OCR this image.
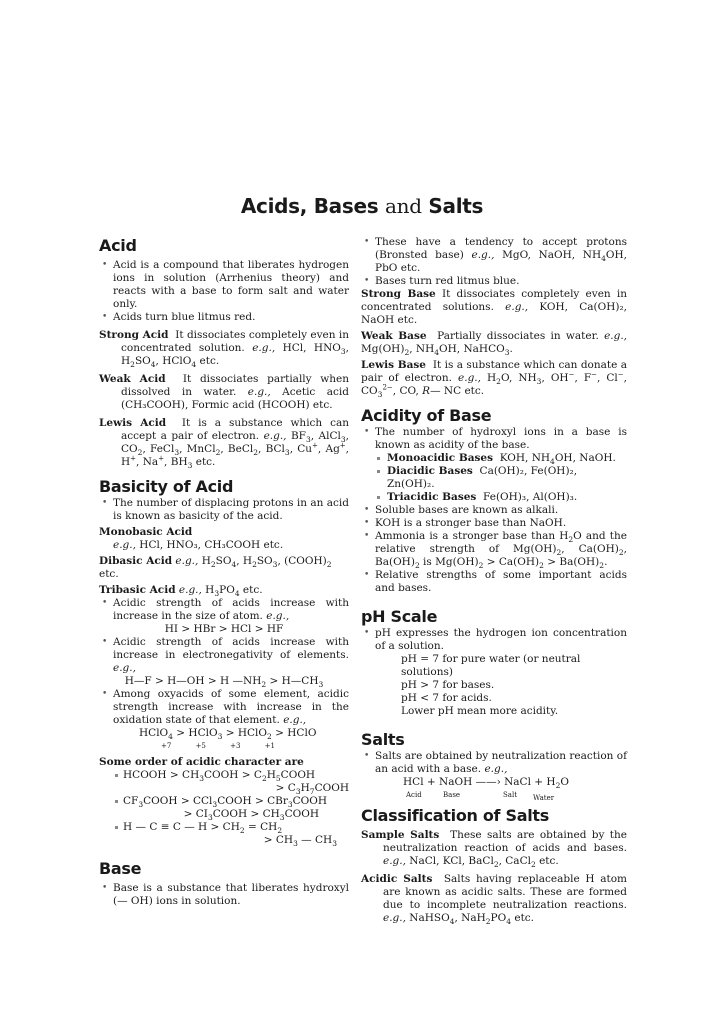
Acids, Bases and Salts
Acid
• Acid is a compound that liberates hydrogen ions in solution (Arrhenius theory) and reacts with a base to form salt and water only.
• Acids turn blue litmus red.
Strong Acid It dissociates completely even in concentrated solution. e.g., HCl, $HNO_3$, $H_2SO_4$, HClO$_4$ etc.
Weak Acid It dissociates partially when dissolved in water. e.g., Acetic acid (CH₃COOH), Formic acid (HCOOH) etc.
Lewis Acid It is a substance which can accept a pair of electron. e.g., $BF_3$, AlCl$_3$, $CO_2$, FeCl$_3$, MnCl$_2$, BeCl$_2$, BCl$_3$, Cu+, Ag+, H+, Na+, $BH_3$ etc.
Basicity of Acid
• The number of displacing protons in an acid is known as basicity of the acid.
Monobasic Acid
e.g., HCl, HNO₃, CH₃COOH etc.
Dibasic Acid e.g., $H_2SO_4$, $H_2SO_3$, $(COOH)_2$ etc.
Tribasic Acid e.g., $H_3PO_4$ etc.
• Acidic strength of acids increase with increase in the size of atom. e.g.,
HI > HBr > HCl > HF
• Acidic strength of acids increase with increase in electronegativity of elements. e.g.,
H—F > H—OH > H $—NH_2$ > $H—CH_3$
• Among oxyacids of some element, acidic strength increase with increase in the oxidation state of that element. e.g.,
HClO$_4$ > HClO$_3$ > HClO$_2$ > HClO
+7	+5	+3	+1
Some order of acidic character are
HCOOH > $CH_3COOH$ > $C_2H_5COOH$
> $C_3H_7COOH$
$CF_3COOH$ > CCl$_3$COOH > CBr$_3$COOH
> $CI_3COOH$ > $CH_3COOH$
H — C ≡ C — $H > CH_2 = CH_2$
> $CH_3$ — $CH_3$
Base
• Base is a substance that liberates hydroxyl (— OH) ions in solution.
• These have a tendency to accept protons (Bronsted base) e.g., MgO, NaOH, $NH_4OH$, PbO etc.
• Bases turn red litmus blue.
Strong Base It dissociates completely even in concentrated solutions. e.g., KOH, Ca(OH)₂, NaOH etc.
Weak Base Partially dissociates in water. e.g., $Mg(OH)_2$, $NH_4OH$, NaHCO$_3$.
Lewis Base It is a substance which can donate a pair of electron. e.g., $H_2O$, $NH_3$, OH−, F−, Cl−, $CO_3^{2-}$, CO, R— NC etc.
Acidity of Base
• The number of hydroxyl ions in a base is known as acidity of the base.
Monoacidic Bases  KOH, $NH_4OH$, NaOH.
Diacidic Bases Ca(OH)₂, Fe(OH)₂, Zn(OH)₂.
Triacidic Bases Fe(OH)₃, Al(OH)₃.
• Soluble bases are known as alkali.
• KOH is a stronger base than NaOH.
• Ammonia is a stronger base than $H_2O$ and the relative strength of $Mg(OH)_2$, $Ca(OH)_2$, $Ba(OH)_2$ is $Mg(OH)_2 > Ca(OH)_2 > Ba(OH)_2$.
• Relative strengths of some important acids and bases.
pH Scale
• pH expresses the hydrogen ion concentration of a solution.
pH = 7 for pure water (or neutral solutions)
pH > 7 for bases.
pH < 7 for acids.
Lower pH mean more acidity.
Salts
• Salts are obtained by neutralization reaction of an acid with a base. e.g.,
HCl + NaOH ——› NaCl + $H_2O$
Acid	Base	Salt Water
Classification of Salts
Sample Salts These salts are obtained by the neutralization reaction of acids and bases. e.g., NaCl, KCl, BaCl$_2$, CaCl$_2$ etc.
Acidic Salts Salts having replaceable H atom are known as acidic salts. These are formed due to incomplete neutralization reactions. e.g., NaHSO$_4$, $NaH_2PO_4$ etc.
